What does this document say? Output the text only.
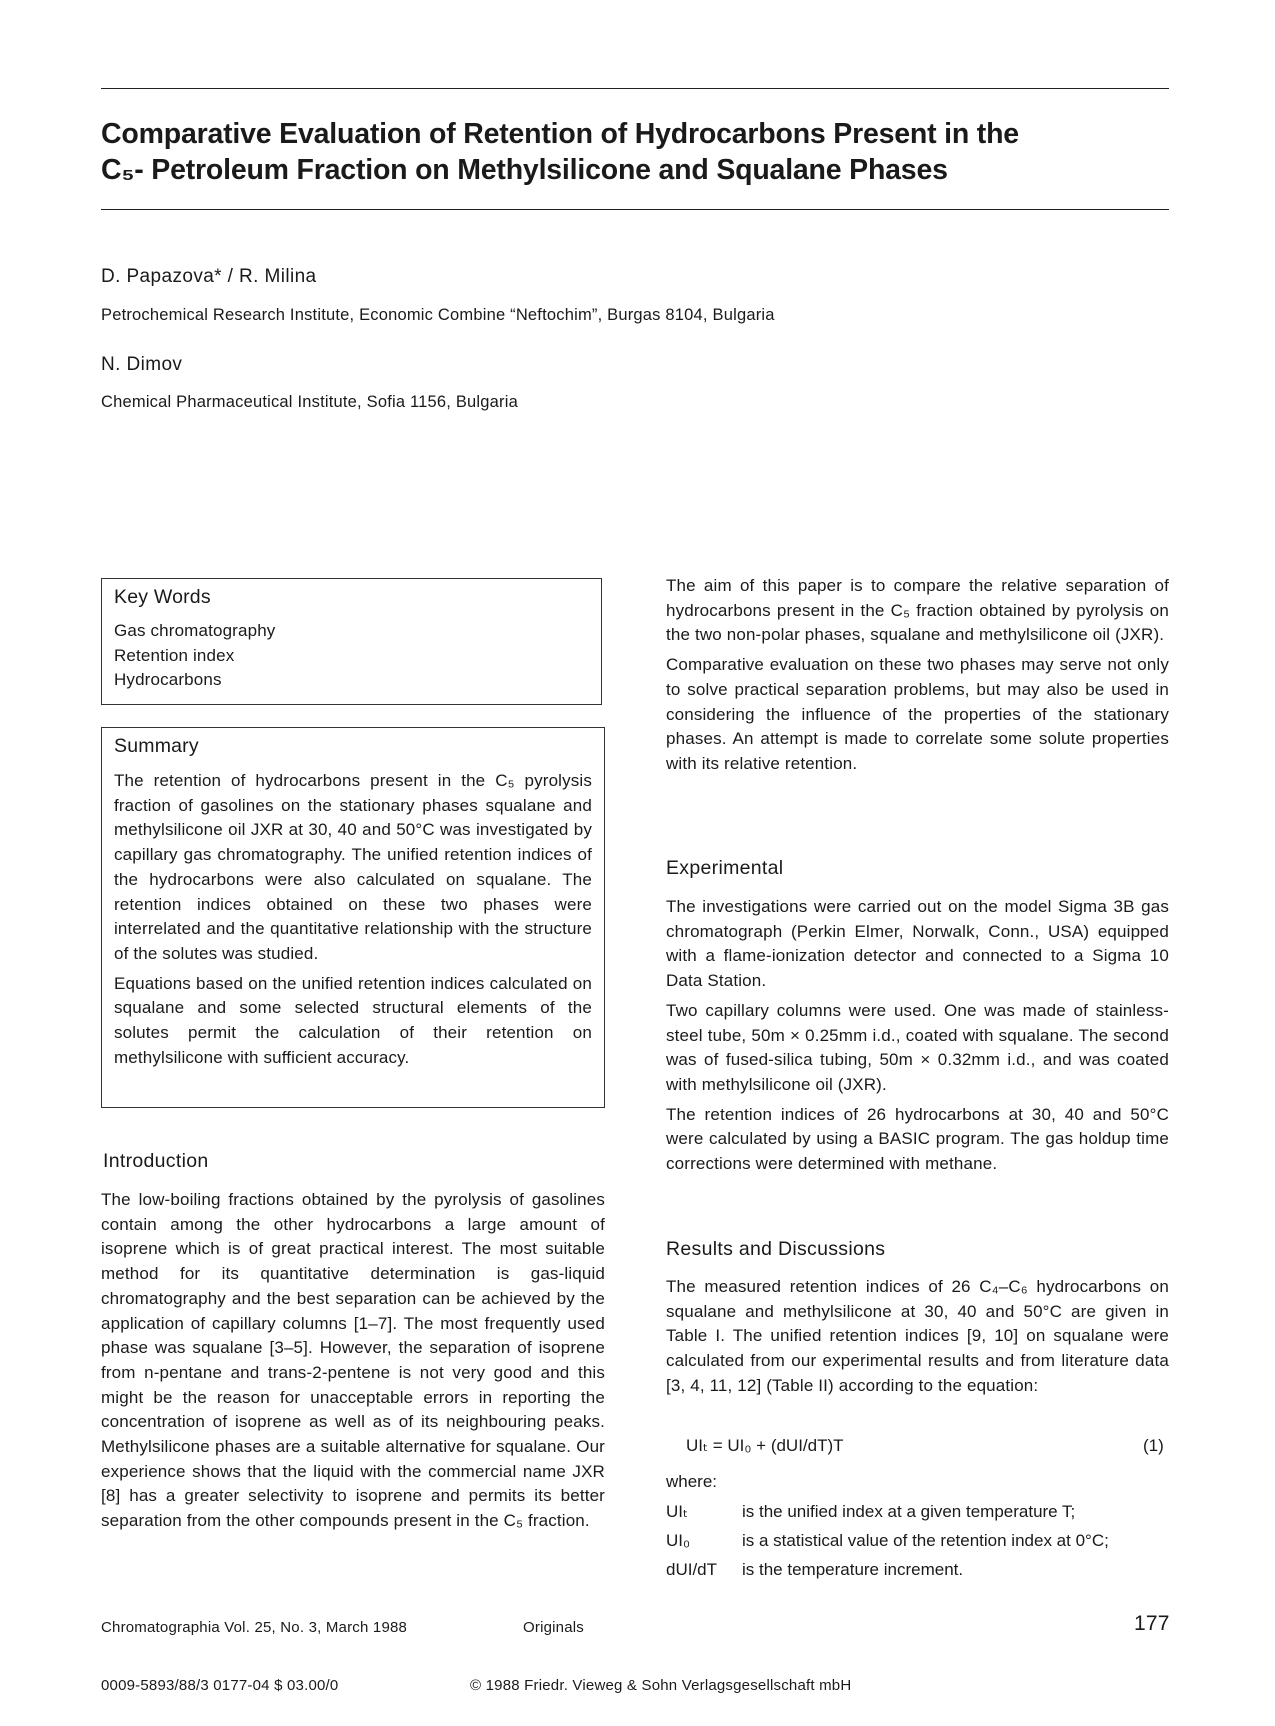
Comparative Evaluation of Retention of Hydrocarbons Present in the
C₅- Petroleum Fraction on Methylsilicone and Squalane Phases
D. Papazova* / R. Milina
Petrochemical Research Institute, Economic Combine “Neftochim”, Burgas 8104, Bulgaria
N. Dimov
Chemical Pharmaceutical Institute, Sofia 1156, Bulgaria
Key Words
Gas chromatography
Retention index
Hydrocarbons
Summary

The retention of hydrocarbons present in the C₅ pyrolysis fraction of gasolines on the stationary phases squalane and methylsilicone oil JXR at 30, 40 and 50°C was investigated by capillary gas chromatography. The unified retention indices of the hydrocarbons were also calculated on squalane. The retention indices obtained on these two phases were interrelated and the quantitative relationship with the structure of the solutes was studied.

Equations based on the unified retention indices calculated on squalane and some selected structural elements of the solutes permit the calculation of their retention on methylsilicone with sufficient accuracy.

Introduction

The low-boiling fractions obtained by the pyrolysis of gasolines contain among the other hydrocarbons a large amount of isoprene which is of great practical interest. The most suitable method for its quantitative determination is gas-liquid chromatography and the best separation can be achieved by the application of capillary columns [1–7]. The most frequently used phase was squalane [3–5]. However, the separation of isoprene from n-pentane and trans-2-pentene is not very good and this might be the reason for unacceptable errors in reporting the concentration of isoprene as well as of its neighbouring peaks. Methylsilicone phases are a suitable alternative for squalane. Our experience shows that the liquid with the commercial name JXR [8] has a greater selectivity to isoprene and permits its better separation from the other compounds present in the C₅ fraction.

The aim of this paper is to compare the relative separation of hydrocarbons present in the C₅ fraction obtained by pyrolysis on the two non-polar phases, squalane and methylsilicone oil (JXR).

Comparative evaluation on these two phases may serve not only to solve practical separation problems, but may also be used in considering the influence of the properties of the stationary phases. An attempt is made to correlate some solute properties with its relative retention.

Experimental

The investigations were carried out on the model Sigma 3B gas chromatograph (Perkin Elmer, Norwalk, Conn., USA) equipped with a flame-ionization detector and connected to a Sigma 10 Data Station.

Two capillary columns were used. One was made of stainless-steel tube, 50m × 0.25mm i.d., coated with squalane. The second was of fused-silica tubing, 50m × 0.32mm i.d., and was coated with methylsilicone oil (JXR).

The retention indices of 26 hydrocarbons at 30, 40 and 50°C were calculated by using a BASIC program. The gas holdup time corrections were determined with methane.

Results and Discussions

The measured retention indices of 26 C₄–C₆ hydrocarbons on squalane and methylsilicone at 30, 40 and 50°C are given in Table I. The unified retention indices [9, 10] on squalane were calculated from our experimental results and from literature data [3, 4, 11, 12] (Table II) according to the equation:

UIₜ = UI₀ + (dUI/dT)T	(1)
where:
UIₜ	is the unified index at a given temperature T;
UI₀	is a statistical value of the retention index at 0°C;
dUI/dT	is the temperature increment.
Chromatographia Vol. 25, No. 3, March 1988	Originals	177
0009-5893/88/3 0177-04 $ 03.00/0	© 1988 Friedr. Vieweg & Sohn Verlagsgesellschaft mbH
